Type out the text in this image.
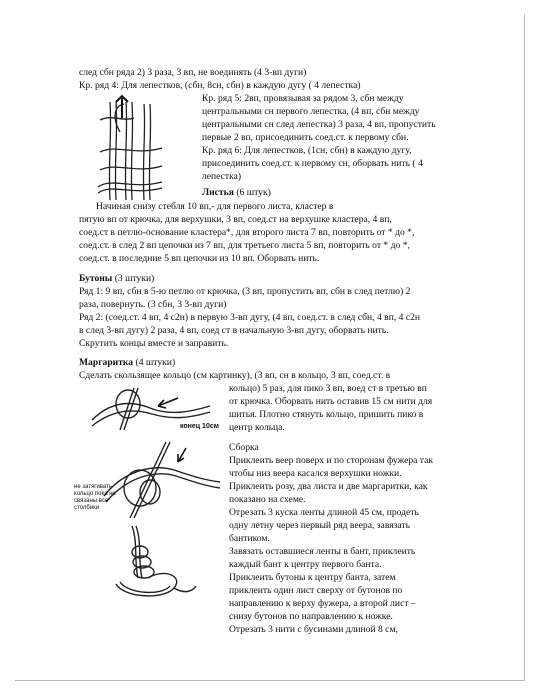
след сбн ряда 2) 3 раза, 3 вп, не воединять (4 3-вп дуги)
Кр. ряд 4: Для лепестков, (сбн, 8сн, сбн) в каждую дугу ( 4 лепестка)
Кр. ряд 5: 2вп, провязывая за рядом 3, сбн между
центральными сн первого лепестка, (4 вп, сбн между
центральными сн след лепестка) 3 раза, 4 вп, пропустить
первые 2 вп, присоединить соед.ст. к первому сбн.
Кр. ряд 6: Для лепестков, (1сн, сбн) в каждую дугу,
присоединить соед.ст. к первому сн, оборвать нить ( 4
лепестка)
Листья (6 штук)
Начиная снизу стебля 10 вп,- для первого листа, кластер в
пятую вп от крючка, для верхушки, 3 вп, соед.ст на верхушке кластера, 4 вп,
соед.ст в петлю-основание кластера*, для второго листа 7 вп, повторить от * до *,
соед.ст. в след 2 вп цепочки из 7 вп, для третьего листа 5 вп, повторить от * до *,
соед.ст. в последние 5 вп цепочки из 10 вп. Оборвать нить.
Бутоны (3 штуки)
Ряд 1: 9 вп, сбн в 5-ю петлю от крючка, (3 вп, пропустить вп, сбн в след петлю) 2
раза, повернуть. (3 сбн, 3 3-вп дуги)
Ряд 2: (соед.ст. 4 вп, 4 с2н) в первую 3-вп дугу, (4 вп, соед.ст. в след сбн, 4 вп, 4 с2н
в след 3-вп дугу) 2 раза, 4 вп, соед ст в начальную 3-вп дугу, оборвать нить.
Скрутить концы вместе и заправить.
Маргаритка (4 штуки)
Сделать скользящее кольцо (см картинку), (3 вп, сн в кольцо, 3 вп, соед.ст. в
кольцо) 5 раз, для пико 3 вп, воед ст в третью вп
от крючка. Оборвать нить оставив 15 см нити для
шитья. Плотно стянуть кольцо, пришить пико в
центр кольца.
Сборка
Приклеить веер поверх и по сторонам фужера так
чтобы низ веера касался верхушки ножки.
Приклеить розу, два листа и две маргаритки, как
показано на схеме.
Отрезать 3 куска ленты длиной 45 см, продеть
одну летну через первый ряд веера, завязать
бантиком.
Завязать оставшиеся ленты в бант, приклеить
каждый бант к центру первого банта.
Приклеить бутоны к центру банта, затем
приклеить один лист сверху от бутонов по
направлению к верху фужера, а второй лист –
снизу бутонов по направлению к ножке.
Отрезать 3 нити с бусинами длиной 8 см,
конец 10см
не затягивать
кольцо пока не
связаны все
столбики
